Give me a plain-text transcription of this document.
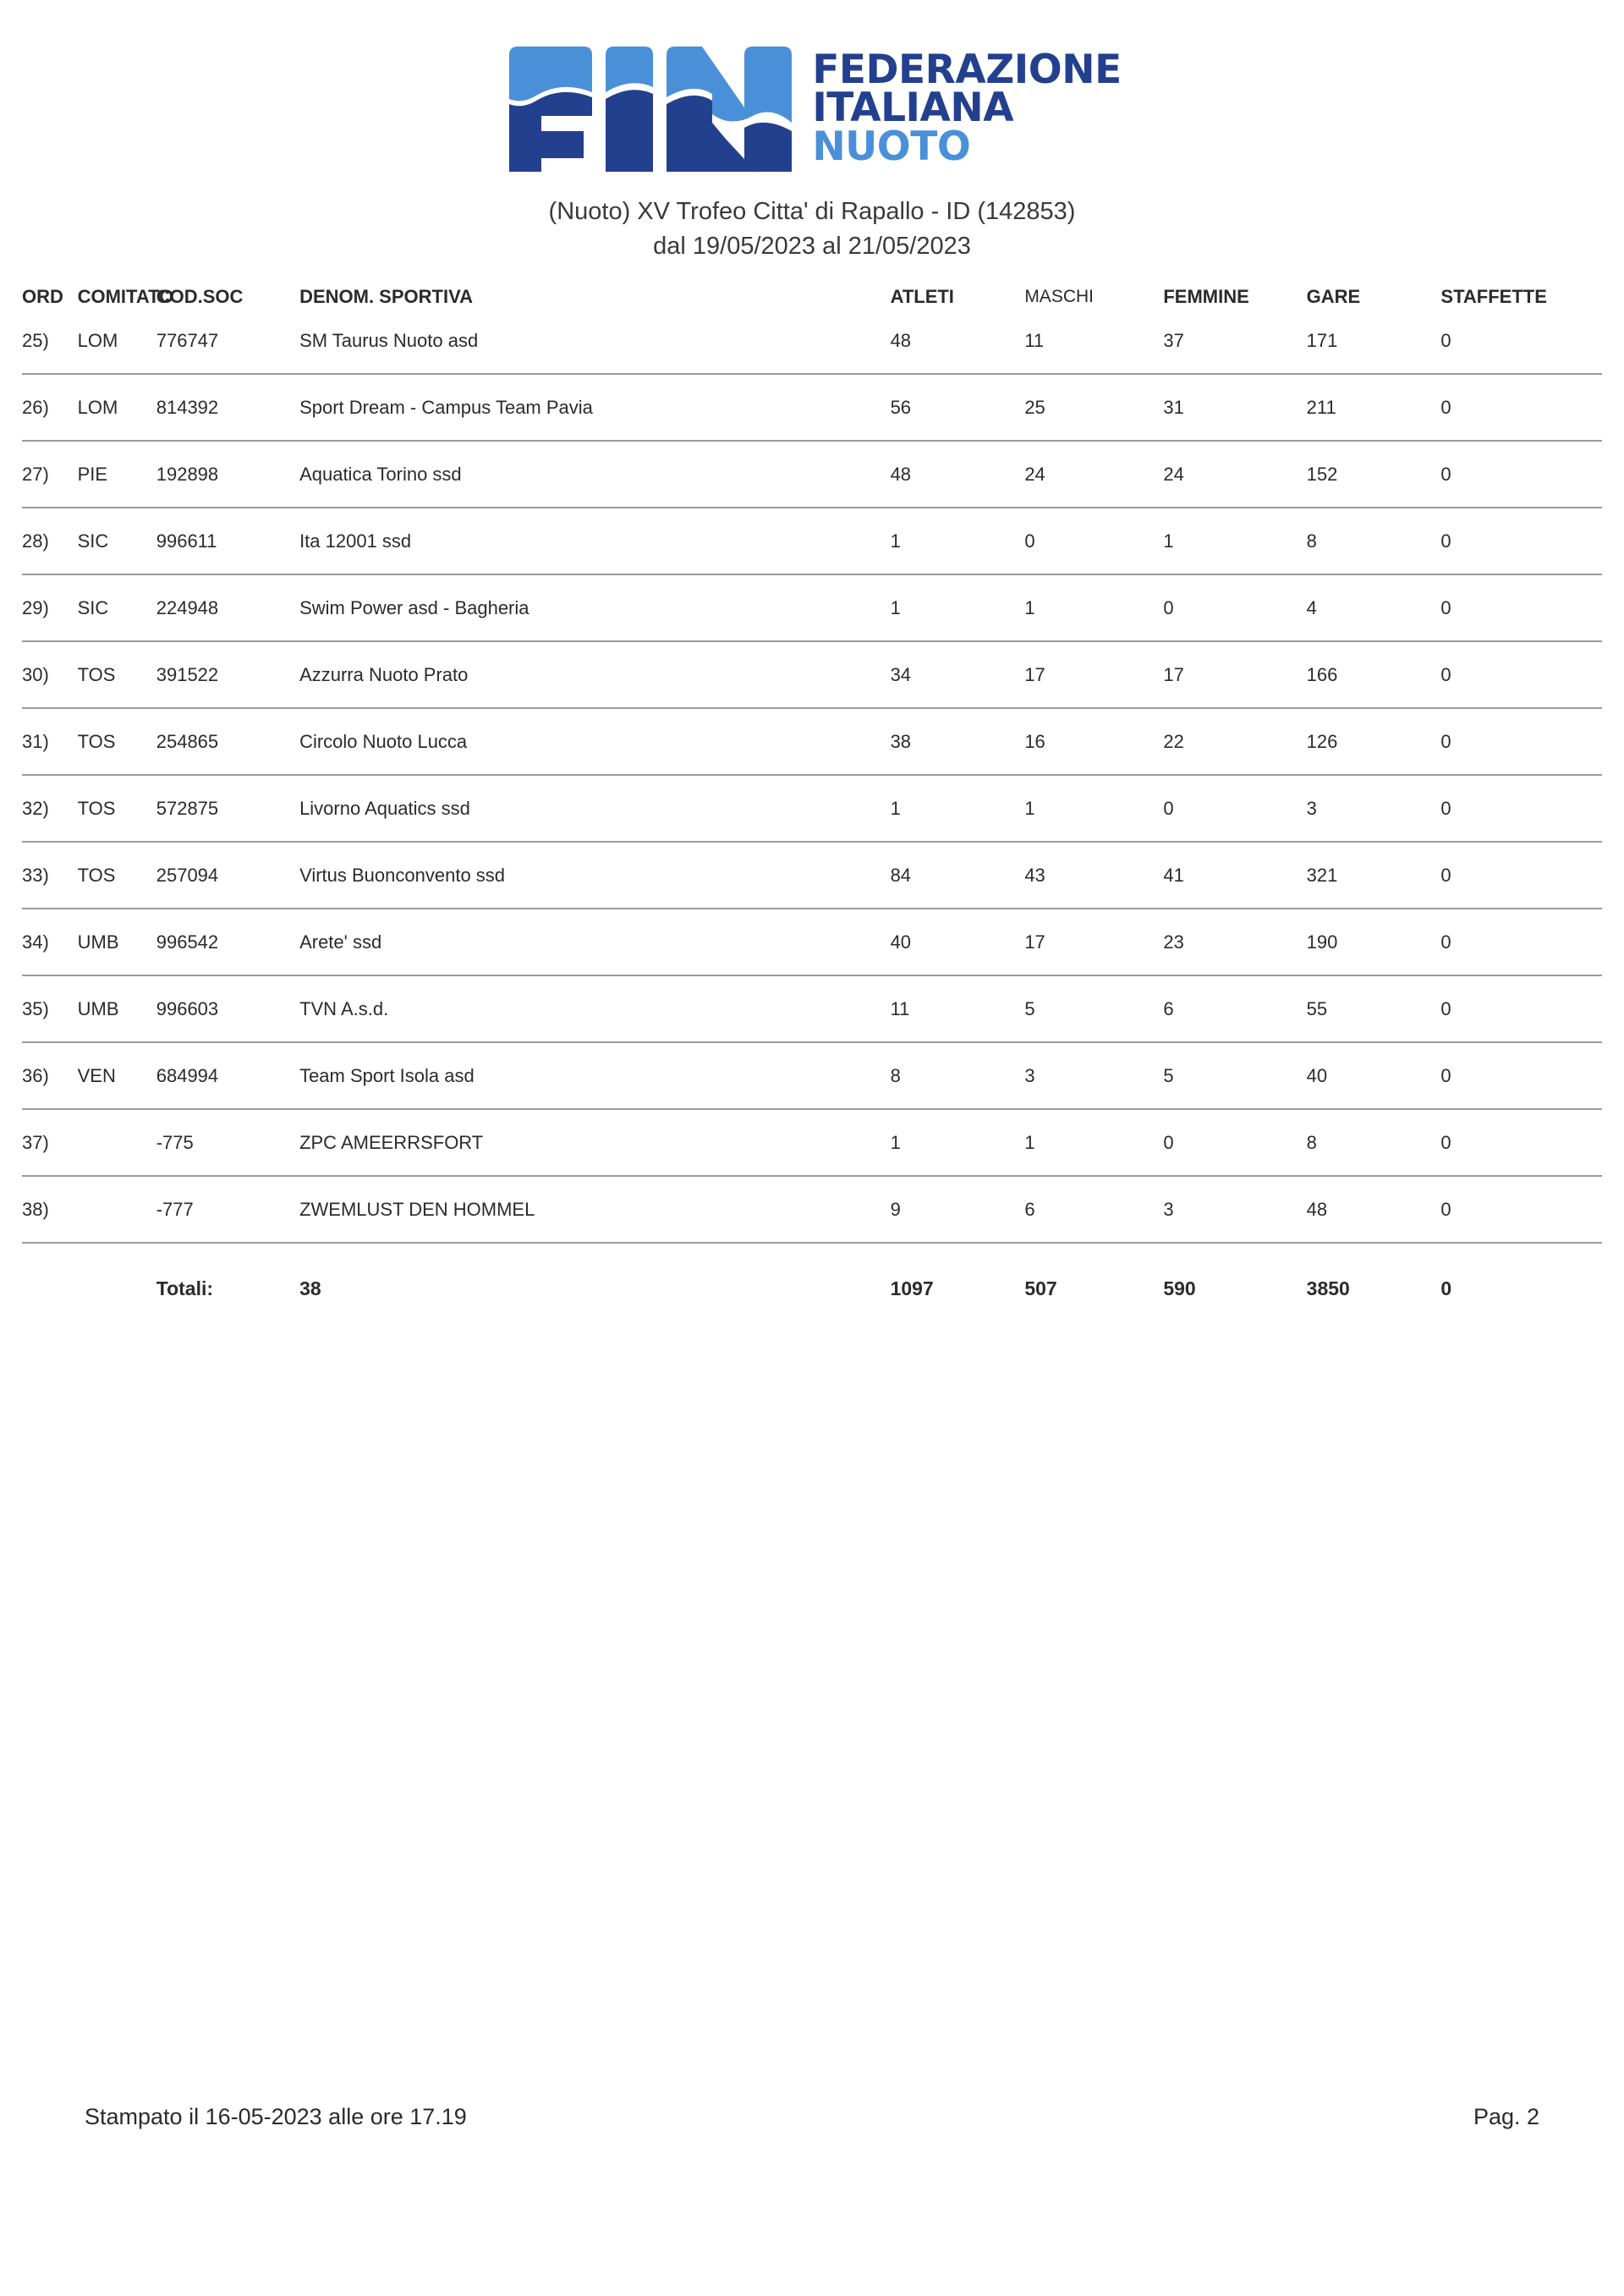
FEDERAZIONE
ITALIANA
NUOTO
(Nuoto) XV Trofeo Citta' di Rapallo - ID (142853)
dal 19/05/2023 al 21/05/2023
ORD	COMITATO	COD.SOC	DENOM. SPORTIVA	ATLETI	MASCHI	FEMMINE	GARE	STAFFETTE
25)	LOM	776747	SM Taurus Nuoto asd	48	11	37	171	0
26)	LOM	814392	Sport Dream - Campus Team Pavia	56	25	31	211	0
27)	PIE	192898	Aquatica Torino ssd	48	24	24	152	0
28)	SIC	996611	Ita 12001 ssd	1	0	1	8	0
29)	SIC	224948	Swim Power asd - Bagheria	1	1	0	4	0
30)	TOS	391522	Azzurra Nuoto Prato	34	17	17	166	0
31)	TOS	254865	Circolo Nuoto Lucca	38	16	22	126	0
32)	TOS	572875	Livorno Aquatics ssd	1	1	0	3	0
33)	TOS	257094	Virtus Buonconvento ssd	84	43	41	321	0
34)	UMB	996542	Arete' ssd	40	17	23	190	0
35)	UMB	996603	TVN A.s.d.	11	5	6	55	0
36)	VEN	684994	Team Sport Isola asd	8	3	5	40	0
37)		-775	ZPC AMEERRSFORT	1	1	0	8	0
38)		-777	ZWEMLUST DEN HOMMEL	9	6	3	48	0
		Totali:	38	1097	507	590	3850	0
Stampato il 16-05-2023 alle ore 17.19	Pag. 2
